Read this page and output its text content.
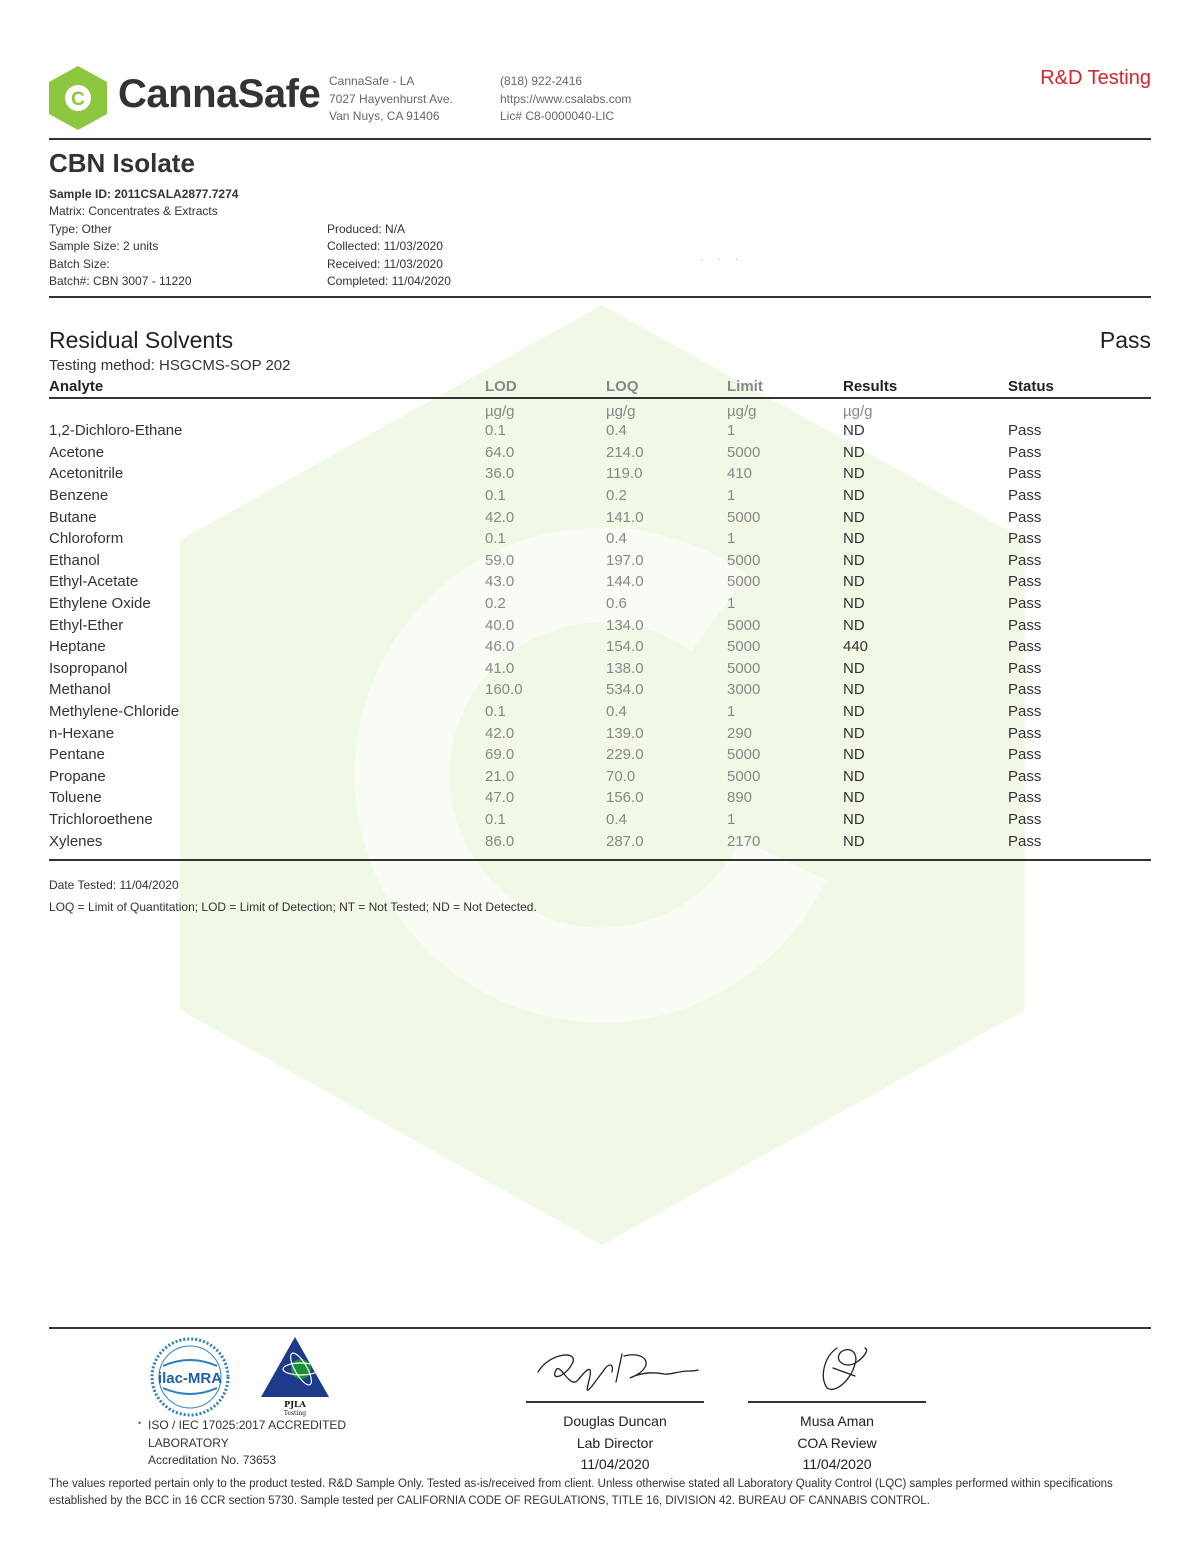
C CannaSafe CannaSafe - LA
7027 Hayvenhurst Ave.
Van Nuys, CA 91406
(818) 922-2416
https://www.csalabs.com
Lic# C8-0000040-LIC
R&D Testing
CBN Isolate
Sample ID: 2011CSALA2877.7274
Matrix: Concentrates & Extracts
Type: Other
Sample Size: 2 units
Batch Size:
Batch#: CBN 3007 - 11220
Produced: N/A
Collected: 11/03/2020
Received: 11/03/2020
Completed: 11/04/2020
· · ·
Residual Solvents	Pass
Testing method: HSGCMS-SOP 202
Analyte	LOD	LOQ	Limit	Results	Status
	µg/g	µg/g	µg/g	µg/g	
1,2-Dichloro-Ethane	0.1	0.4	1	ND	Pass
Acetone	64.0	214.0	5000	ND	Pass
Acetonitrile	36.0	119.0	410	ND	Pass
Benzene	0.1	0.2	1	ND	Pass
Butane	42.0	141.0	5000	ND	Pass
Chloroform	0.1	0.4	1	ND	Pass
Ethanol	59.0	197.0	5000	ND	Pass
Ethyl-Acetate	43.0	144.0	5000	ND	Pass
Ethylene Oxide	0.2	0.6	1	ND	Pass
Ethyl-Ether	40.0	134.0	5000	ND	Pass
Heptane	46.0	154.0	5000	440	Pass
Isopropanol	41.0	138.0	5000	ND	Pass
Methanol	160.0	534.0	3000	ND	Pass
Methylene-Chloride	0.1	0.4	1	ND	Pass
n-Hexane	42.0	139.0	290	ND	Pass
Pentane	69.0	229.0	5000	ND	Pass
Propane	21.0	70.0	5000	ND	Pass
Toluene	47.0	156.0	890	ND	Pass
Trichloroethene	0.1	0.4	1	ND	Pass
Xylenes	86.0	287.0	2170	ND	Pass
Date Tested: 11/04/2020
LOQ = Limit of Quantitation; LOD = Limit of Detection; NT = Not Tested; ND = Not Detected.
ilac-MRA
PJLA
Testing
• ISO / IEC 17025:2017 ACCREDITED
LABORATORY
Accreditation No. 73653
Douglas Duncan
Lab Director
11/04/2020
Musa Aman
COA Review
11/04/2020
The values reported pertain only to the product tested. R&D Sample Only. Tested as-is/received from client. Unless otherwise stated all Laboratory Quality Control (LQC) samples performed within specifications established by the BCC in 16 CCR section 5730. Sample tested per CALIFORNIA CODE OF REGULATIONS, TITLE 16, DIVISION 42. BUREAU OF CANNABIS CONTROL.
